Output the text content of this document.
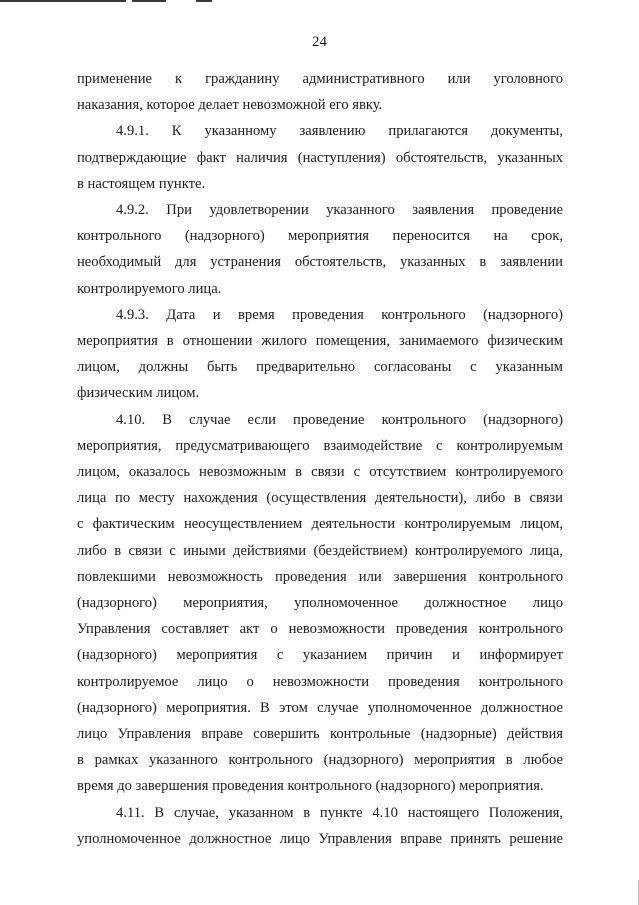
24

применение к гражданину административного или уголовного
наказания, которое делает невозможной его явку.

4.9.1. К указанному заявлению прилагаются документы,
подтверждающие факт наличия (наступления) обстоятельств, указанных
в настоящем пункте.

4.9.2. При удовлетворении указанного заявления проведение
контрольного (надзорного) мероприятия переносится на срок,
необходимый для устранения обстоятельств, указанных в заявлении
контролируемого лица.

4.9.3. Дата и время проведения контрольного (надзорного)
мероприятия в отношении жилого помещения, занимаемого физическим
лицом, должны быть предварительно согласованы с указанным
физическим лицом.

4.10. В случае если проведение контрольного (надзорного)
мероприятия, предусматривающего взаимодействие с контролируемым
лицом, оказалось невозможным в связи с отсутствием контролируемого
лица по месту нахождения (осуществления деятельности), либо в связи
с фактическим неосуществлением деятельности контролируемым лицом,
либо в связи с иными действиями (бездействием) контролируемого лица,
повлекшими невозможность проведения или завершения контрольного
(надзорного) мероприятия, уполномоченное должностное лицо
Управления составляет акт о невозможности проведения контрольного
(надзорного) мероприятия с указанием причин и информирует
контролируемое лицо о невозможности проведения контрольного
(надзорного) мероприятия. В этом случае уполномоченное должностное
лицо Управления вправе совершить контрольные (надзорные) действия
в рамках указанного контрольного (надзорного) мероприятия в любое
время до завершения проведения контрольного (надзорного) мероприятия.

4.11. В случае, указанном в пункте 4.10 настоящего Положения,
уполномоченное должностное лицо Управления вправе принять решение
